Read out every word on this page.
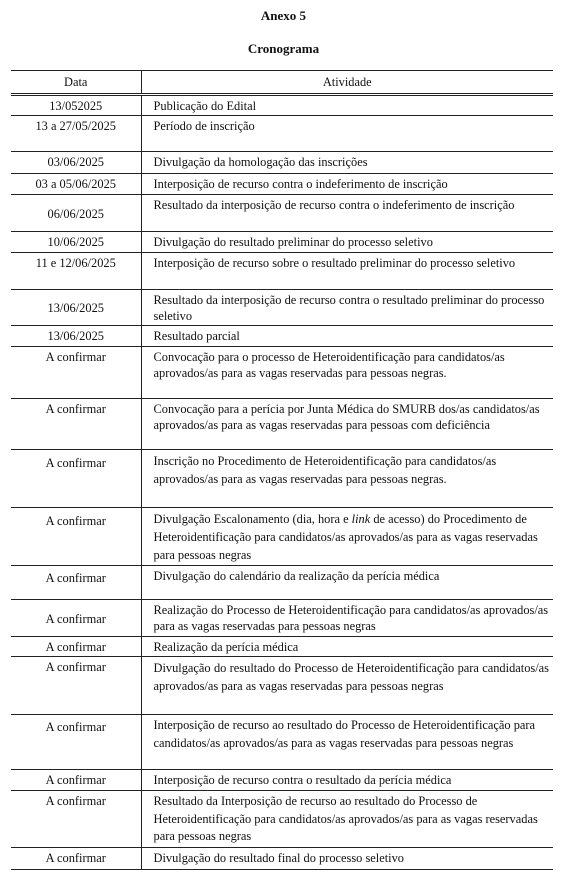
Anexo 5
Cronograma
Data	Atividade
13/052025	Publicação do Edital
13 a 27/05/2025	Período de inscrição
03/06/2025	Divulgação da homologação das inscrições
03 a 05/06/2025	Interposição de recurso contra o indeferimento de inscrição
06/06/2025	Resultado da interposição de recurso contra o indeferimento de inscrição
10/06/2025	Divulgação do resultado preliminar do processo seletivo
11 e 12/06/2025	Interposição de recurso sobre o resultado preliminar do processo seletivo
13/06/2025	Resultado da interposição de recurso contra o resultado preliminar do processo seletivo
13/06/2025	Resultado parcial
A confirmar	Convocação para o processo de Heteroidentificação para candidatos/as aprovados/as para as vagas reservadas para pessoas negras.
A confirmar	Convocação para a perícia por Junta Médica do SMURB dos/as candidatos/as aprovados/as para as vagas reservadas para pessoas com deficiência
A confirmar	Inscrição no Procedimento de Heteroidentificação para candidatos/as aprovados/as para as vagas reservadas para pessoas negras.
A confirmar	Divulgação Escalonamento (dia, hora e link de acesso) do Procedimento de Heteroidentificação para candidatos/as aprovados/as para as vagas reservadas para pessoas negras
A confirmar	Divulgação do calendário da realização da perícia médica
A confirmar	Realização do Processo de Heteroidentificação para candidatos/as aprovados/as para as vagas reservadas para pessoas negras
A confirmar	Realização da perícia médica
A confirmar	Divulgação do resultado do Processo de Heteroidentificação para candidatos/as aprovados/as para as vagas reservadas para pessoas negras
A confirmar	Interposição de recurso ao resultado do Processo de Heteroidentificação para candidatos/as aprovados/as para as vagas reservadas para pessoas negras
A confirmar	Interposição de recurso contra o resultado da perícia médica
A confirmar	Resultado da Interposição de recurso ao resultado do Processo de Heteroidentificação para candidatos/as aprovados/as para as vagas reservadas para pessoas negras
A confirmar	Divulgação do resultado final do processo seletivo
